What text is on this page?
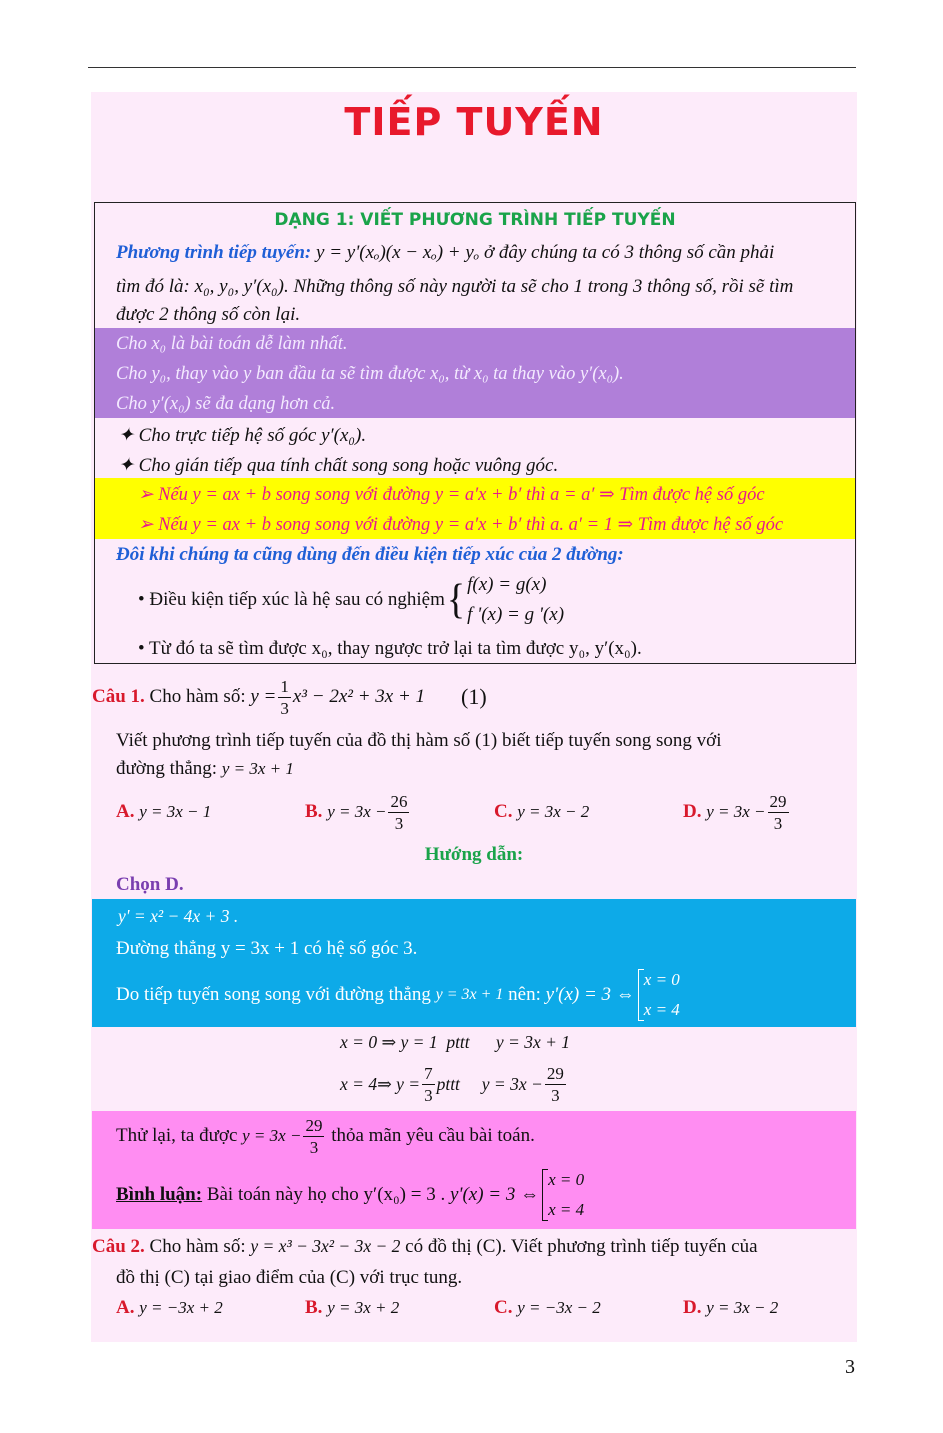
TIẾP TUYẾN
DẠNG 1: VIẾT PHƯƠNG TRÌNH TIẾP TUYẾN
Phương trình tiếp tuyến: y = y'(xₒ)(x − xₒ) + yₒ ở đây chúng ta có 3 thông số cần phải
tìm đó là: x₀, y₀, y′(x₀). Những thông số này người ta sẽ cho 1 trong 3 thông số, rồi sẽ tìm
được 2 thông số còn lại.
Cho x₀ là bài toán dễ làm nhất.
Cho y₀, thay vào y ban đầu ta sẽ tìm được x₀, từ x₀ ta thay vào y′(x₀).
Cho y′(x₀) sẽ đa dạng hơn cả.
✦ Cho trực tiếp hệ số góc y′(x₀).
✦ Cho gián tiếp qua tính chất song song hoặc vuông góc.
➢ Nếu y = ax + b song song với đường y = a′x + b′ thì a = a′ ⇒ Tìm được hệ số góc
➢ Nếu y = ax + b song song với đường y = a′x + b′ thì a. a′ = 1 ⇒ Tìm được hệ số góc
Đôi khi chúng ta cũng dùng đến điều kiện tiếp xúc của 2 đường:
• Điều kiện tiếp xúc là hệ sau có nghiệm { f(x) = g(x)
f '(x) = g '(x)
• Từ đó ta sẽ tìm được x₀, thay ngược trở lại ta tìm được y₀, y′(x₀).
Câu 1.
Cho hàm số:
$y = \frac{1}{3} x^3 - 2x^2 + 3x + 1$ (1)
Viết phương trình tiếp tuyến của đồ thị hàm số (1) biết tiếp tuyến song song với
đường thẳng: y = 3x + 1
A.
y = 3x − 1	B.
$y = 3x - \frac{26}{3}$	C.
y = 3x − 2	D.
$y = 3x - \frac{29}{3}$
Hướng dẫn:
Chọn D.
y' = x² − 4x + 3 .
Đường thẳng y = 3x + 1 có hệ số góc 3.
Do tiếp tuyến song song với đường thẳng
y = 3x + 1
nên:
y'(x) = 3 ⇔
x = 0
x = 4
x = 0 ⇒ y = 1  pttt      y = 3x + 1
x = 4⇒ $y = \frac{7}{3}$ pttt     $y = 3x - \frac{29}{3}$
Thử lại, ta được
$y = 3x - \frac{29}{3}$
thỏa mãn yêu cầu bài toán.
Bình luận:
Bài toán này họ cho y′(x₀) = 3 .
y'(x) = 3 ⇔
x = 0
x = 4
Câu 2. Cho hàm số: y = x³ − 3x² − 3x − 2 có đồ thị (C). Viết phương trình tiếp tuyến của
đồ thị (C) tại giao điểm của (C) với trục tung.
A. y = −3x + 2	B. y = 3x + 2	C. y = −3x − 2	D. y = 3x − 2
3
